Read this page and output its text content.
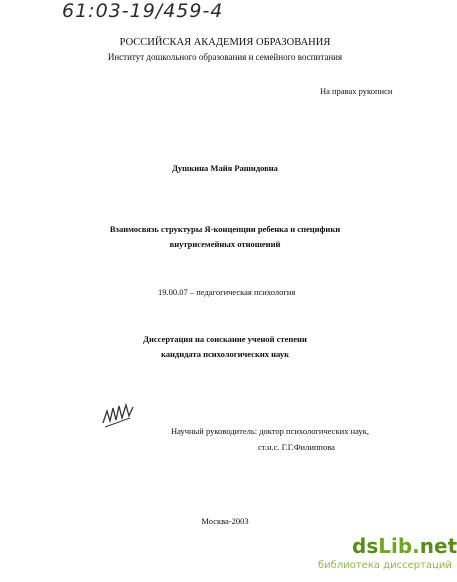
61:03-19/459-4
РОССИЙСКАЯ АКАДЕМИЯ ОБРАЗОВАНИЯ
Институт дошкольного образования и семейного воспитания
На правах рукописи
Душкина Майя Рашидовна
Взаимосвязь структуры Я-концепции ребенка и специфики
внутрисемейных отношений
19.00.07 – педагогическая психология
Диссертация на соискание ученой степени
кандидата психологических наук
Научный руководитель: доктор психологических наук,
ст.н.с. Г.Г.Филиппова
Москва-2003
dsLib.net
библиотека диссертаций
